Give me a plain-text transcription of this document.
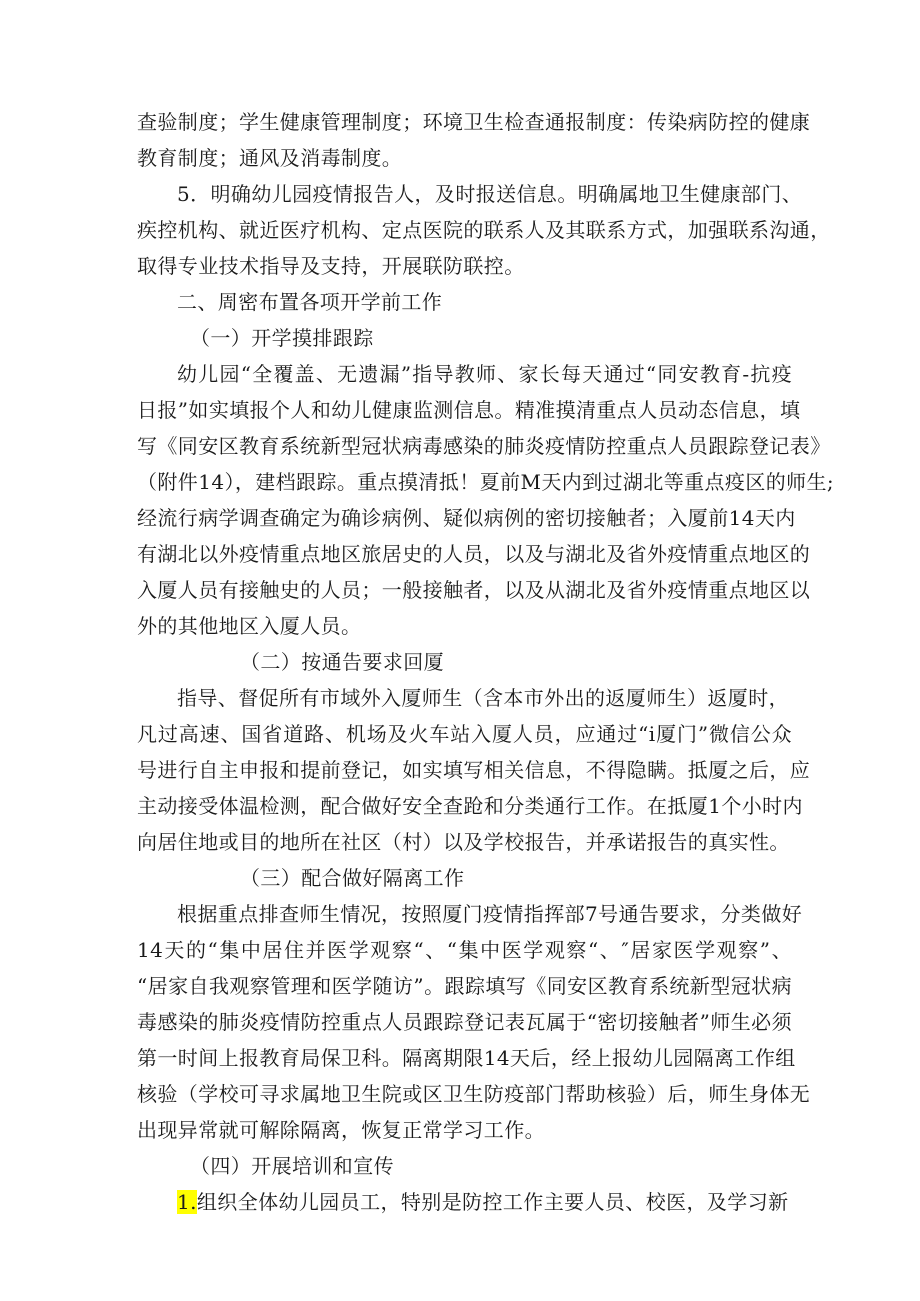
查验制度；学生健康管理制度；环境卫生检查通报制度：传染病防控的健康
教育制度；通风及消毒制度。
5．明确幼儿园疫情报告人，及时报送信息。明确属地卫生健康部门、
疾控机构、就近医疗机构、定点医院的联系人及其联系方式，加强联系沟通，
取得专业技术指导及支持，开展联防联控。
二、周密布置各项开学前工作
（一）开学摸排跟踪
幼儿园“全覆盖、无遗漏”指导教师、家长每天通过“同安教育-抗疫
日报”如实填报个人和幼儿健康监测信息。精准摸清重点人员动态信息，填
写《同安区教育系统新型冠状病毒感染的肺炎疫情防控重点人员跟踪登记表》
（附件14），建档跟踪。重点摸清抵！夏前M天内到过湖北等重点疫区的师生;
经流行病学调查确定为确诊病例、疑似病例的密切接触者；入厦前14天内
有湖北以外疫情重点地区旅居史的人员，以及与湖北及省外疫情重点地区的
入厦人员有接触史的人员；一般接触者，以及从湖北及省外疫情重点地区以
外的其他地区入厦人员。
（二）按通告要求回厦
指导、督促所有市域外入厦师生（含本市外出的返厦师生）返厦时，
凡过高速、国省道路、机场及火车站入厦人员，应通过“i厦门”微信公众
号进行自主申报和提前登记，如实填写相关信息，不得隐瞒。抵厦之后，应
主动接受体温检测，配合做好安全查跄和分类通行工作。在抵厦1个小时内
向居住地或目的地所在社区（村）以及学校报告，并承诺报告的真实性。
（三）配合做好隔离工作
根据重点排查师生情况，按照厦门疫情指挥部7号通告要求，分类做好
14天的“集中居住并医学观察“、“集中医学观察“、″居家医学观察”、
“居家自我观察管理和医学随访”。跟踪填写《同安区教育系统新型冠状病
毒感染的肺炎疫情防控重点人员跟踪登记表瓦属于“密切接触者”师生必须
第一时间上报教育局保卫科。隔离期限14天后，经上报幼儿园隔离工作组
核验（学校可寻求属地卫生院或区卫生防疫部门帮助核验）后，师生身体无
出现异常就可解除隔离，恢复正常学习工作。
（四）开展培训和宣传
1.组织全体幼儿园员工，特别是防控工作主要人员、校医，及学习新
